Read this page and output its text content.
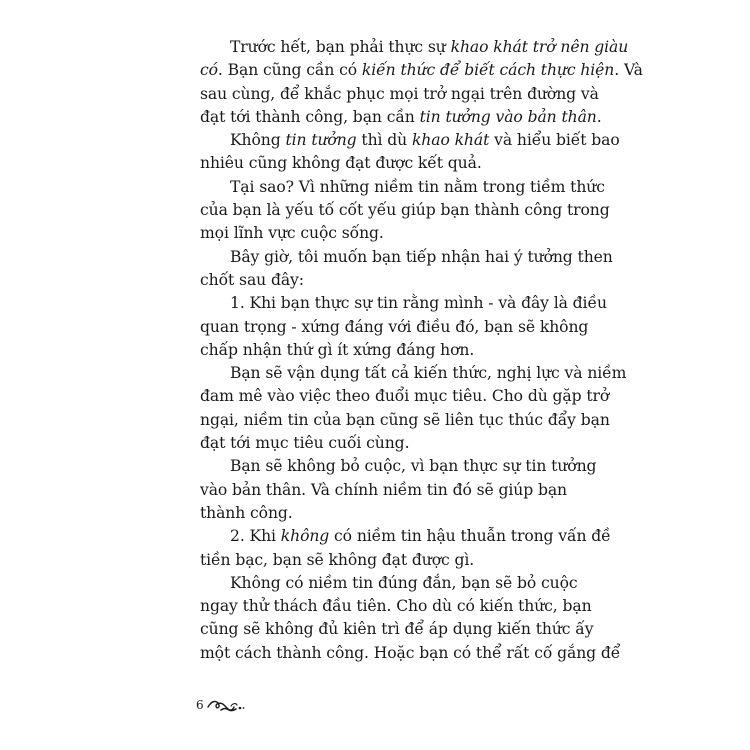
Trước hết, bạn phải thực sự khao khát trở nên giàu
có. Bạn cũng cần có kiến thức để biết cách thực hiện. Và
sau cùng, để khắc phục mọi trở ngại trên đường và
đạt tới thành công, bạn cần tin tưởng vào bản thân.
Không tin tưởng thì dù khao khát và hiểu biết bao
nhiêu cũng không đạt được kết quả.
Tại sao? Vì những niềm tin nằm trong tiềm thức
của bạn là yếu tố cốt yếu giúp bạn thành công trong
mọi lĩnh vực cuộc sống.
Bây giờ, tôi muốn bạn tiếp nhận hai ý tưởng then
chốt sau đây:
1. Khi bạn thực sự tin rằng mình - và đây là điều
quan trọng - xứng đáng với điều đó, bạn sẽ không
chấp nhận thứ gì ít xứng đáng hơn.
Bạn sẽ vận dụng tất cả kiến thức, nghị lực và niềm
đam mê vào việc theo đuổi mục tiêu. Cho dù gặp trở
ngại, niềm tin của bạn cũng sẽ liên tục thúc đẩy bạn
đạt tới mục tiêu cuối cùng.
Bạn sẽ không bỏ cuộc, vì bạn thực sự tin tưởng
vào bản thân. Và chính niềm tin đó sẽ giúp bạn
thành công.
2. Khi không có niềm tin hậu thuẫn trong vấn đề
tiền bạc, bạn sẽ không đạt được gì.
Không có niềm tin đúng đắn, bạn sẽ bỏ cuộc
ngay thử thách đầu tiên. Cho dù có kiến thức, bạn
cũng sẽ không đủ kiên trì để áp dụng kiến thức ấy
một cách thành công. Hoặc bạn có thể rất cố gắng để
6
